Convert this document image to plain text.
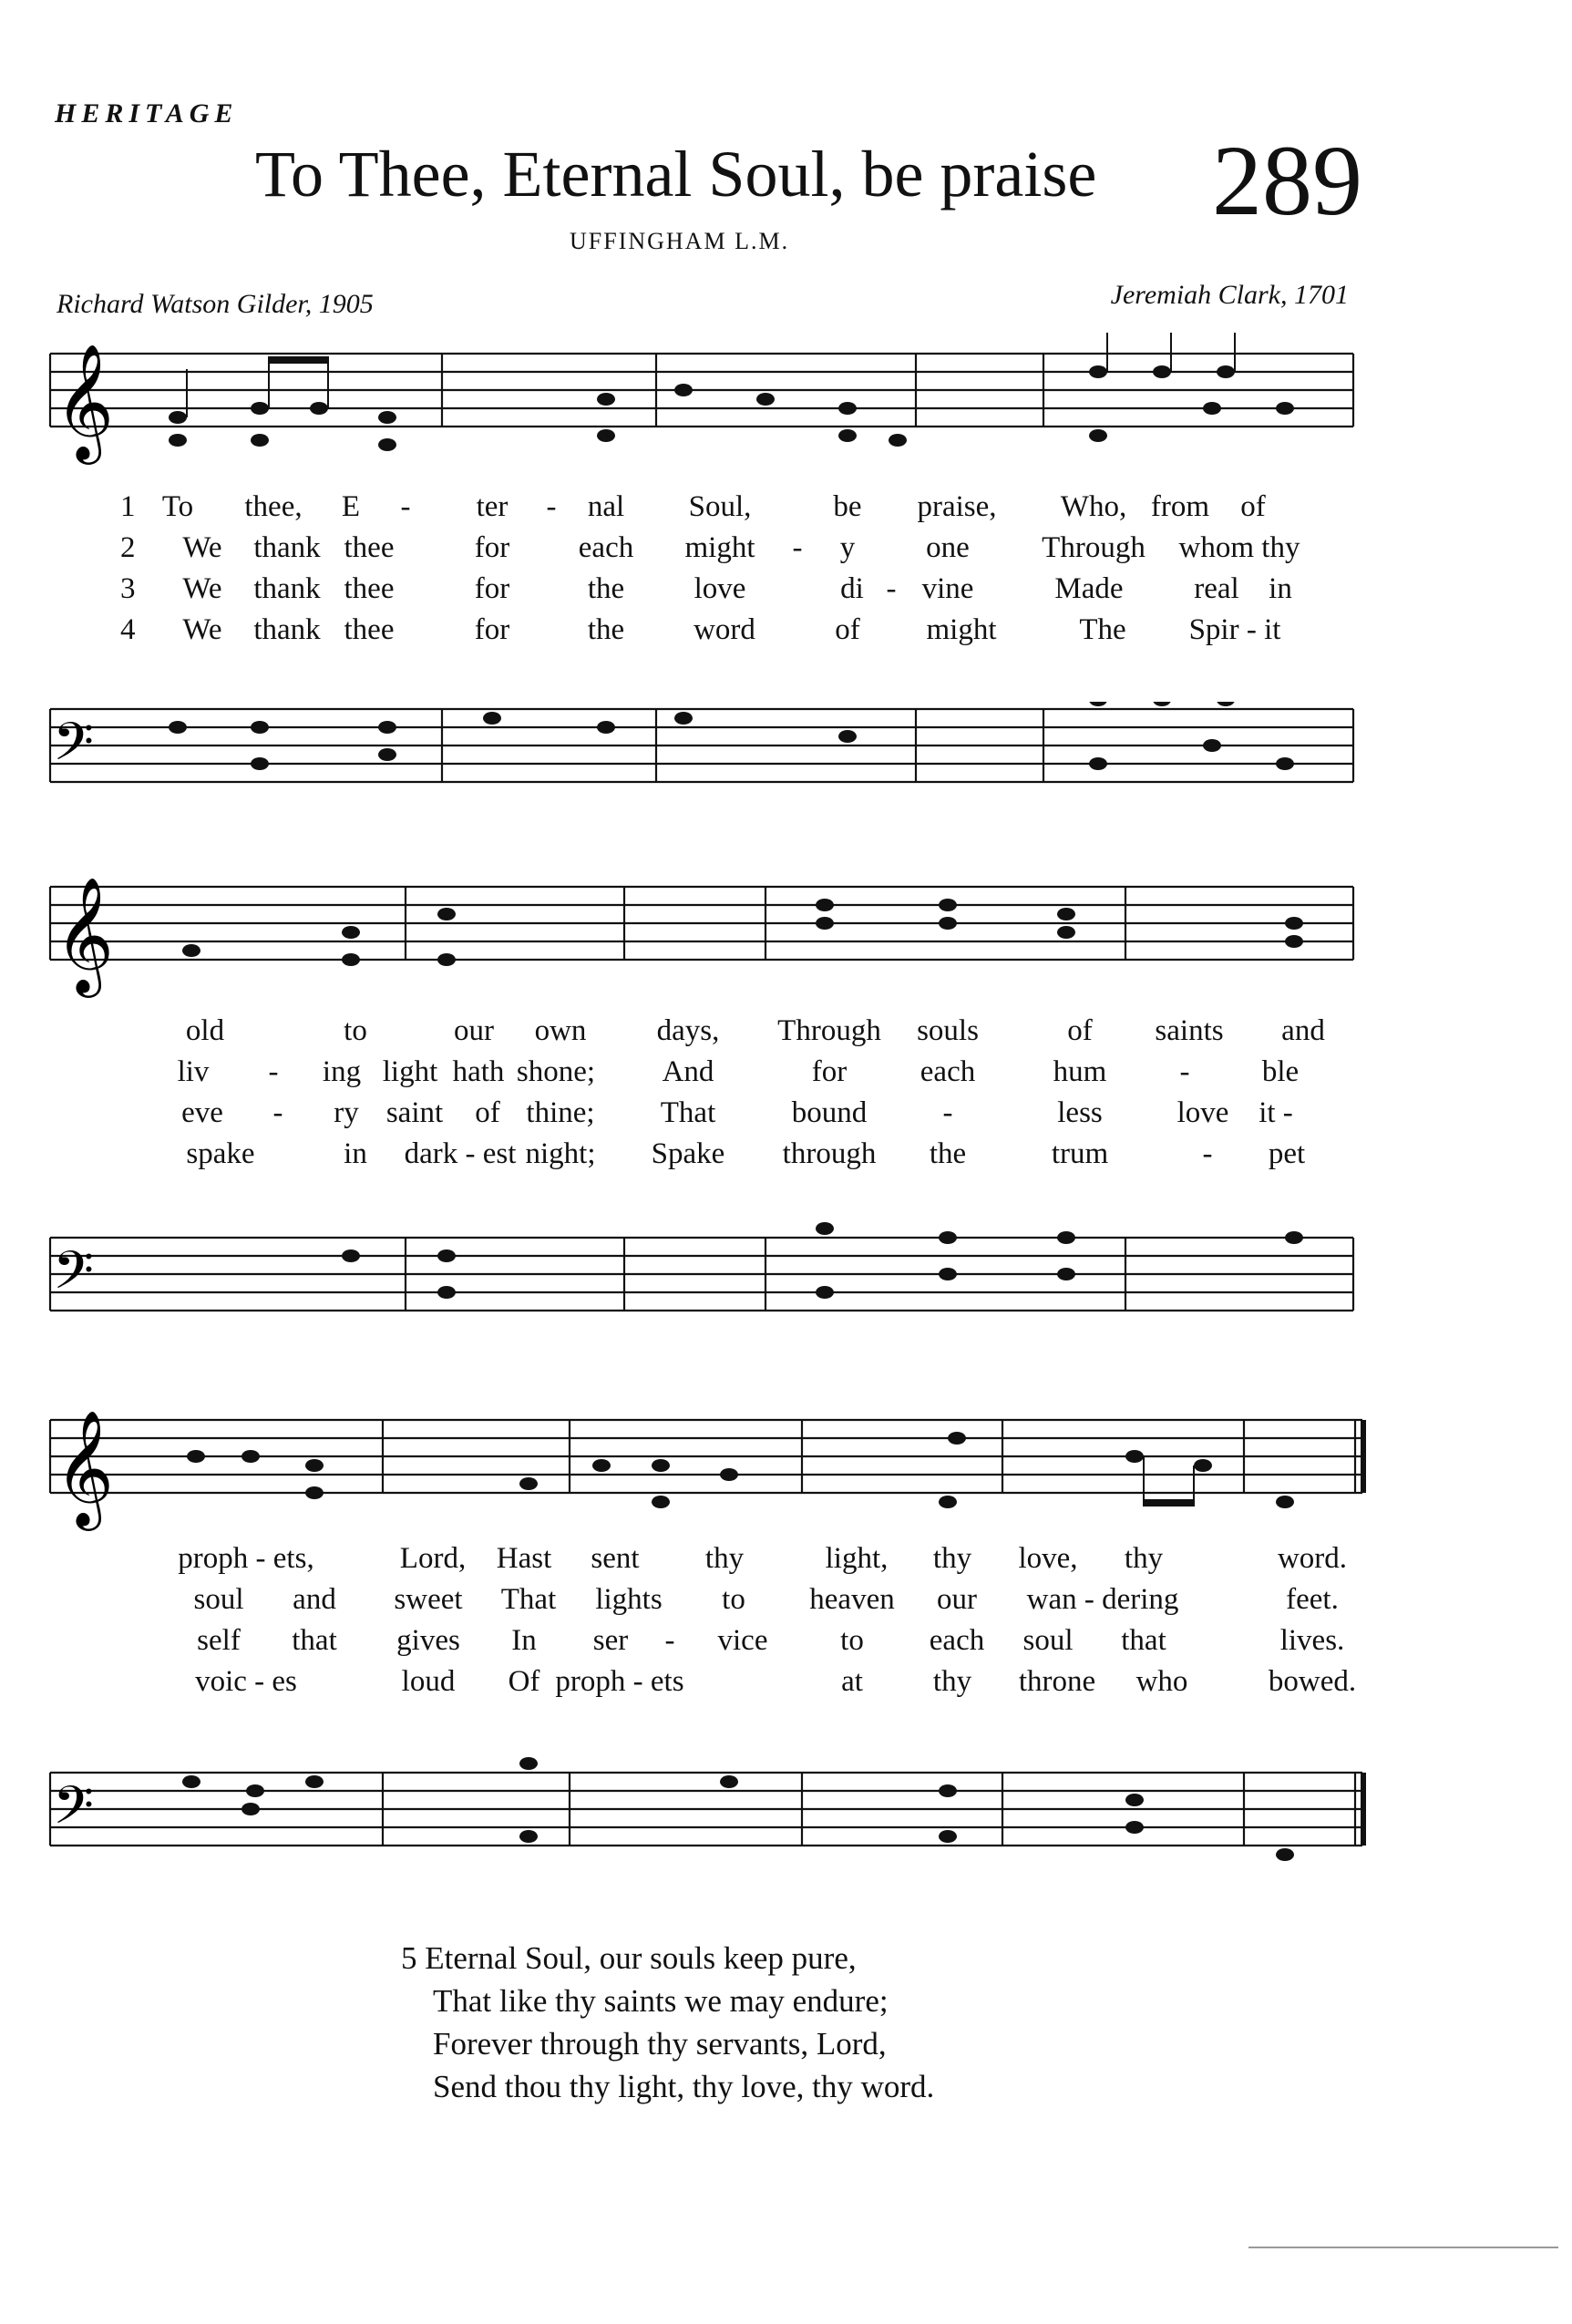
HERITAGE
To Thee, Eternal Soul, be praise 289
UFFINGHAM L.M.
Richard Watson Gilder, 1905	Jeremiah Clark, 1701
𝄞
𝄢
𝄞
𝄢
𝄞
𝄢
1
2
3
4
To thee, E - ter - nal Soul,	be praise, Who, from of
We thank thee	for each might - y one Through whom thy
We thank thee	for	the love	di - vine	Made real in
We thank thee	for	the word	of might	The Spir - it
old	to	our own days, Through souls	of saints and
liv - ing light hath shone; And	for each	hum - ble
eve - ry saint of thine; That	bound	-	less love it -
spake	in dark - est night; Spake through the	trum	- pet
proph - ets,	Lord, Hast sent thy	light, thy love, thy	word.
soul and sweet That lights to heaven our wan - dering	feet.
self that gives In ser - vice to each soul that	lives.
voic - es	loud Of proph - ets	at thy throne who	bowed.
5 Eternal Soul, our souls keep pure,
That like thy saints we may endure;
Forever through thy servants, Lord,
Send thou thy light, thy love, thy word.
